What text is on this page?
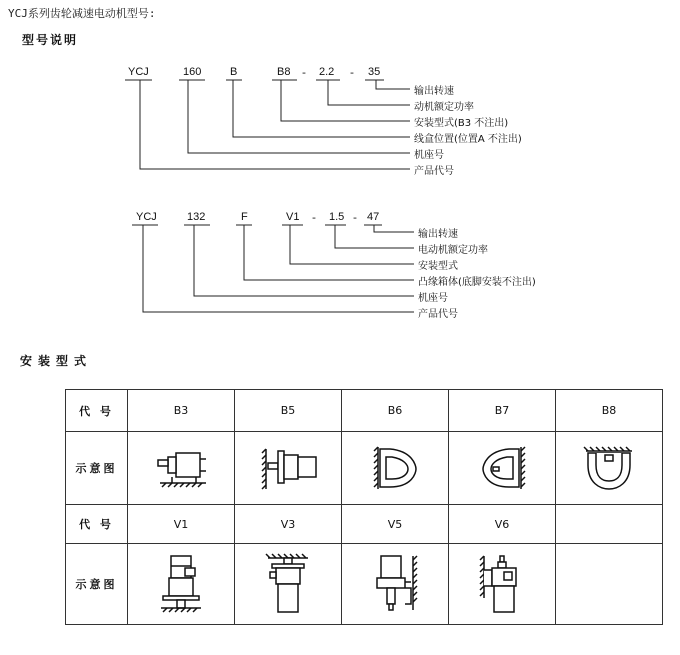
YCJ系列齿轮减速电动机型号:
型号说明
YCJ	160	B	B8 - 2.2 - 35
输出转速
动机额定功率
安装型式(B3 不注出)
线盒位置(位置A 不注出)
机座号
产品代号
YCJ	132	F	V1 - 1.5 - 47
输出转速
电动机额定功率
安装型式
凸缘箱体(底脚安装不注出)
机座号
产品代号
安装型式
代 号	B3	B5	B6	B7	B8
示意图	

代 号	V1	V3	V5	V6	
示意图	
